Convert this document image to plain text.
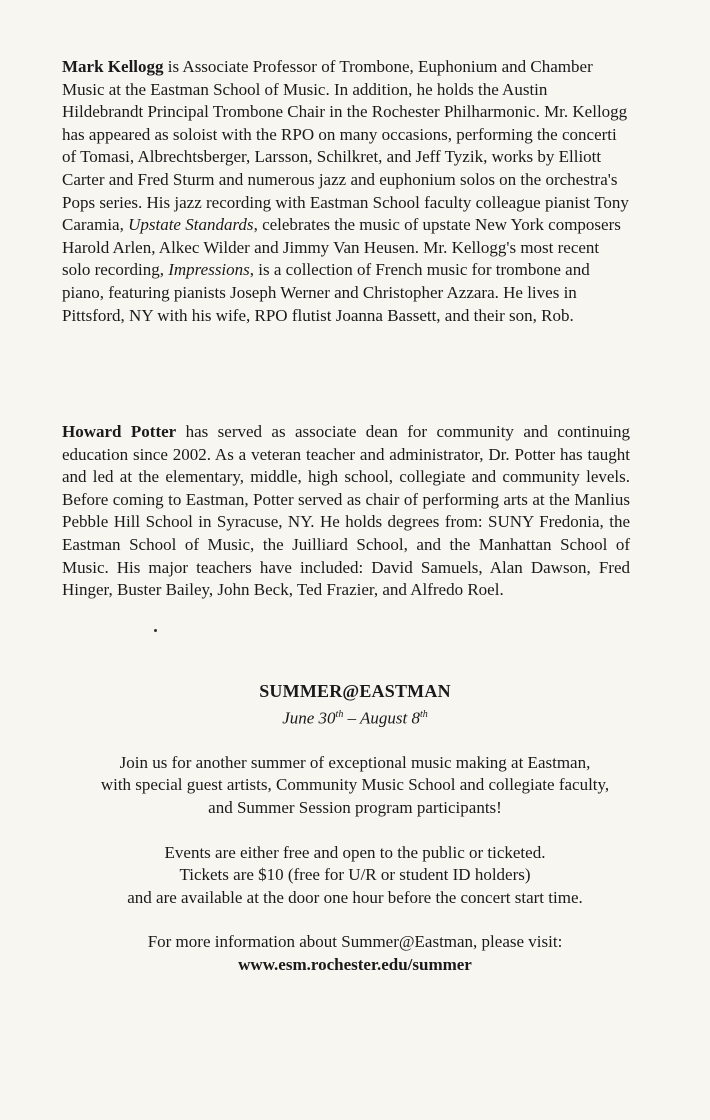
Mark Kellogg is Associate Professor of Trombone, Euphonium and Chamber Music at the Eastman School of Music. In addition, he holds the Austin Hildebrandt Principal Trombone Chair in the Rochester Philharmonic. Mr. Kellogg has appeared as soloist with the RPO on many occasions, performing the concerti of Tomasi, Albrechtsberger, Larsson, Schilkret, and Jeff Tyzik, works by Elliott Carter and Fred Sturm and numerous jazz and euphonium solos on the orchestra's Pops series. His jazz recording with Eastman School faculty colleague pianist Tony Caramia, Upstate Standards, celebrates the music of upstate New York composers Harold Arlen, Alkec Wilder and Jimmy Van Heusen. Mr. Kellogg's most recent solo recording, Impressions, is a collection of French music for trombone and piano, featuring pianists Joseph Werner and Christopher Azzara. He lives in Pittsford, NY with his wife, RPO flutist Joanna Bassett, and their son, Rob.

Howard Potter has served as associate dean for community and continuing education since 2002. As a veteran teacher and administrator, Dr. Potter has taught and led at the elementary, middle, high school, collegiate and community levels. Before coming to Eastman, Potter served as chair of performing arts at the Manlius Pebble Hill School in Syracuse, NY. He holds degrees from: SUNY Fredonia, the Eastman School of Music, the Juilliard School, and the Manhattan School of Music. His major teachers have included: David Samuels, Alan Dawson, Fred Hinger, Buster Bailey, John Beck, Ted Frazier, and Alfredo Roel.

SUMMER@EASTMAN
June 30th – August 8th

Join us for another summer of exceptional music making at Eastman,
with special guest artists, Community Music School and collegiate faculty,
and Summer Session program participants!

Events are either free and open to the public or ticketed.
Tickets are $10 (free for U/R or student ID holders)
and are available at the door one hour before the concert start time.

For more information about Summer@Eastman, please visit:
www.esm.rochester.edu/summer
